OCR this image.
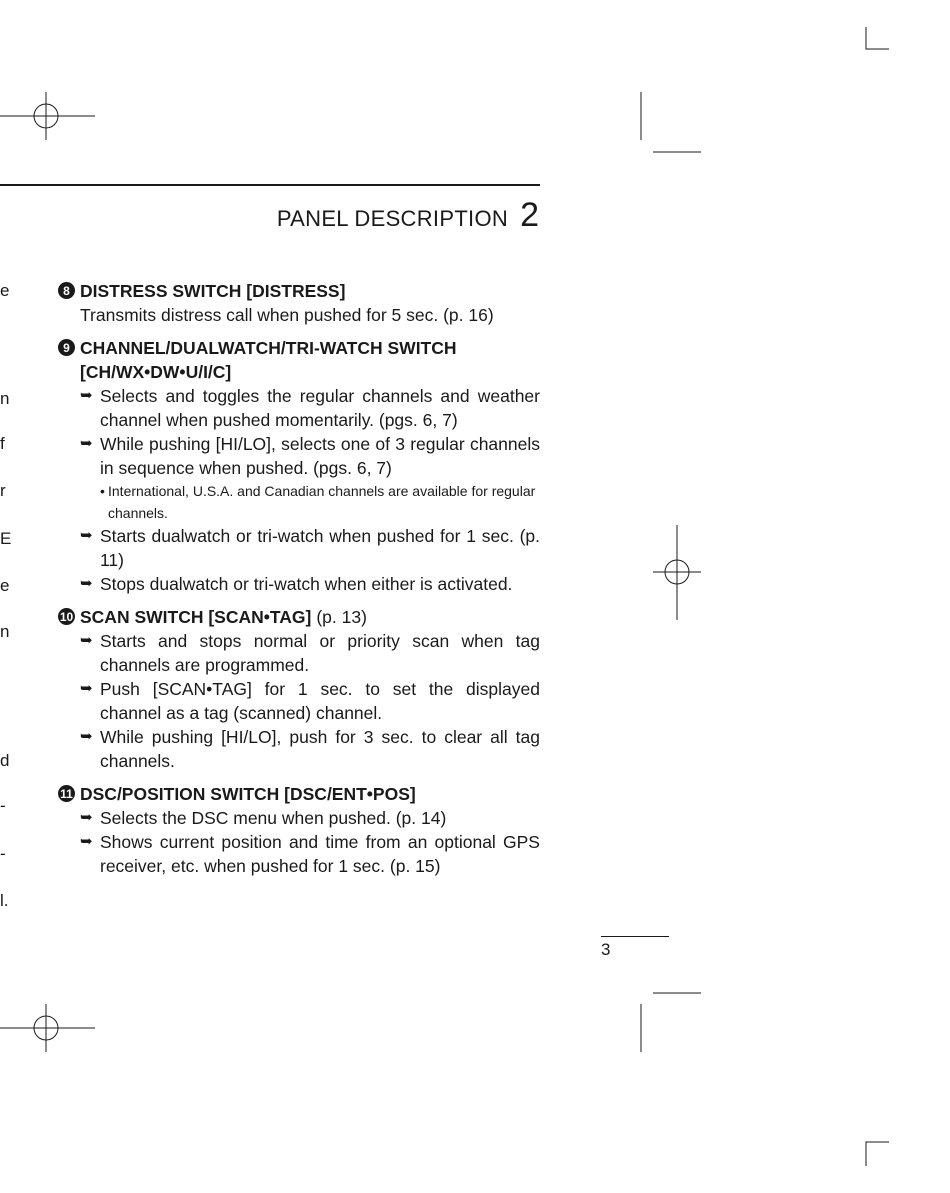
PANEL DESCRIPTION 2
e
n
f
r
E
e
n
d
-
-
l.
8 DISTRESS SWITCH [DISTRESS]
Transmits distress call when pushed for 5 sec. (p. 16)
9 CHANNEL/DUALWATCH/TRI-WATCH SWITCH [CH/WX•DW•U/I/C]
➥ Selects and toggles the regular channels and weather channel when pushed momentarily. (pgs. 6, 7)
➥ While pushing [HI/LO], selects one of 3 regular channels in sequence when pushed. (pgs. 6, 7)
• International, U.S.A. and Canadian channels are available for regular channels.
➥ Starts dualwatch or tri-watch when pushed for 1 sec. (p. 11)
➥ Stops dualwatch or tri-watch when either is activated.
10 SCAN SWITCH [SCAN•TAG] (p. 13)
➥ Starts and stops normal or priority scan when tag channels are programmed.
➥ Push [SCAN•TAG] for 1 sec. to set the displayed channel as a tag (scanned) channel.
➥ While pushing [HI/LO], push for 3 sec. to clear all tag channels.
11 DSC/POSITION SWITCH [DSC/ENT•POS]
➥ Selects the DSC menu when pushed. (p. 14)
➥ Shows current position and time from an optional GPS receiver, etc. when pushed for 1 sec. (p. 15)
3
